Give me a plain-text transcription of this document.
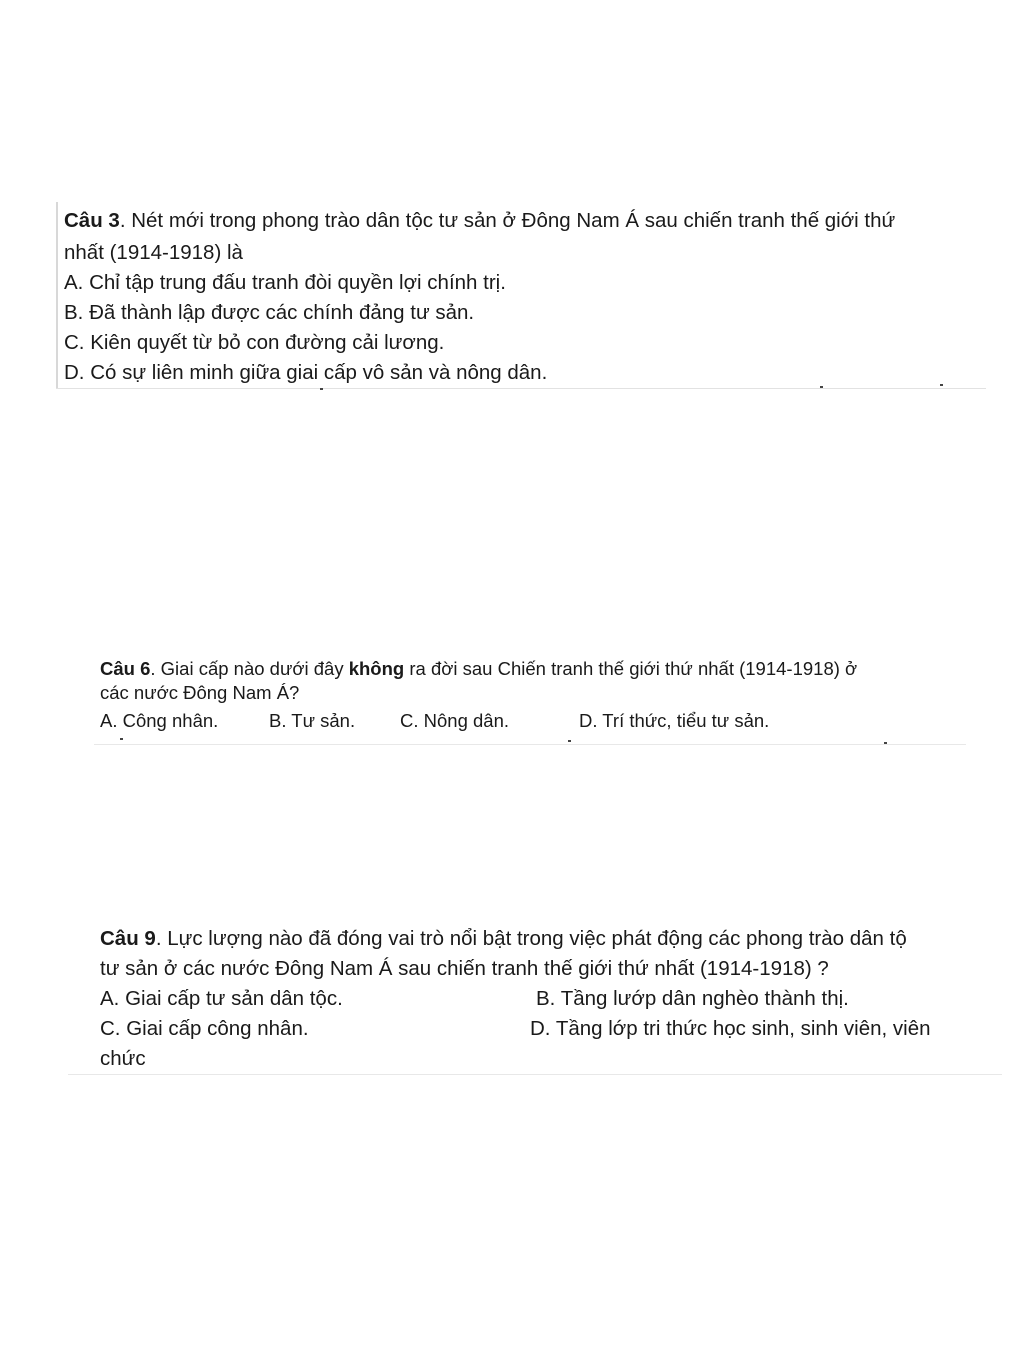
Câu 3. Nét mới trong phong trào dân tộc tư sản ở Đông Nam Á sau chiến tranh thế giới thứ
nhất (1914-1918) là
A. Chỉ tập trung đấu tranh đòi quyền lợi chính trị.
B. Đã thành lập được các chính đảng tư sản.
C. Kiên quyết từ bỏ con đường cải lương.
D. Có sự liên minh giữa giai cấp vô sản và nông dân.
Câu 6. Giai cấp nào dưới đây không ra đời sau Chiến tranh thế giới thứ nhất (1914-1918) ở
các nước Đông Nam Á?
A. Công nhân.	B. Tư sản. C. Nông dân.	D. Trí thức, tiểu tư sản.
Câu 9. Lực lượng nào đã đóng vai trò nổi bật trong việc phát động các phong trào dân tộ
tư sản ở các nước Đông Nam Á sau chiến tranh thế giới thứ nhất (1914-1918) ?
A. Giai cấp tư sản dân tộc.	B. Tầng lướp dân nghèo thành thị.
C. Giai cấp công nhân.	D. Tầng lớp tri thức học sinh, sinh viên, viên
chức
